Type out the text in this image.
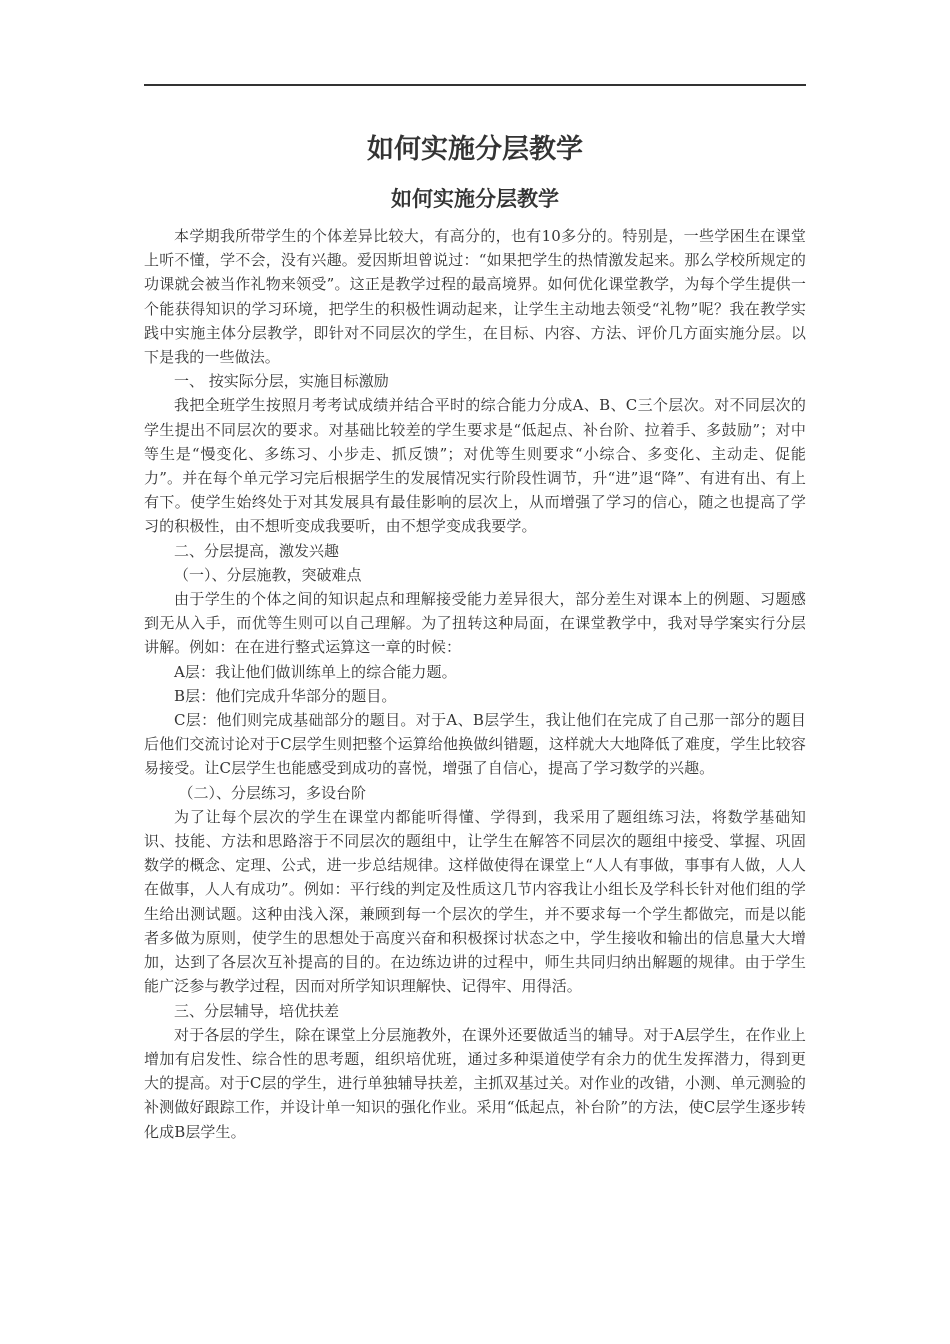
如何实施分层教学
如何实施分层教学

本学期我所带学生的个体差异比较大，有高分的，也有10多分的。特别是，一些学困生在课堂上听不懂，学不会，没有兴趣。爱因斯坦曾说过：“如果把学生的热情激发起来。那么学校所规定的功课就会被当作礼物来领受”。这正是教学过程的最高境界。如何优化课堂教学，为每个学生提供一个能获得知识的学习环境，把学生的积极性调动起来，让学生主动地去领受“礼物”呢？我在教学实践中实施主体分层教学，即针对不同层次的学生，在目标、内容、方法、评价几方面实施分层。以下是我的一些做法。

一、 按实际分层，实施目标激励

我把全班学生按照月考考试成绩并结合平时的综合能力分成A、B、C三个层次。对不同层次的学生提出不同层次的要求。对基础比较差的学生要求是“低起点、补台阶、拉着手、多鼓励”；对中等生是“慢变化、多练习、小步走、抓反馈”；对优等生则要求“小综合、多变化、主动走、促能力”。并在每个单元学习完后根据学生的发展情况实行阶段性调节，升“进”退“降”、有进有出、有上有下。使学生始终处于对其发展具有最佳影响的层次上，从而增强了学习的信心，随之也提高了学习的积极性，由不想听变成我要听，由不想学变成我要学。

二、分层提高，激发兴趣

（一）、分层施教，突破难点

由于学生的个体之间的知识起点和理解接受能力差异很大，部分差生对课本上的例题、习题感到无从入手，而优等生则可以自己理解。为了扭转这种局面，在课堂教学中，我对导学案实行分层讲解。例如：在在进行整式运算这一章的时候：

A层：我让他们做训练单上的综合能力题。

B层：他们完成升华部分的题目。

C层：他们则完成基础部分的题目。对于A、B层学生，我让他们在完成了自己那一部分的题目后他们交流讨论对于C层学生则把整个运算给他换做纠错题，这样就大大地降低了难度，学生比较容易接受。让C层学生也能感受到成功的喜悦，增强了自信心，提高了学习数学的兴趣。

（二）、分层练习，多设台阶

为了让每个层次的学生在课堂内都能听得懂、学得到，我采用了题组练习法，将数学基础知识、技能、方法和思路溶于不同层次的题组中，让学生在解答不同层次的题组中接受、掌握、巩固数学的概念、定理、公式，进一步总结规律。这样做使得在课堂上“人人有事做，事事有人做，人人在做事，人人有成功”。例如：平行线的判定及性质这几节内容我让小组长及学科长针对他们组的学生给出测试题。这种由浅入深，兼顾到每一个层次的学生，并不要求每一个学生都做完，而是以能者多做为原则，使学生的思想处于高度兴奋和积极探讨状态之中，学生接收和输出的信息量大大增加，达到了各层次互补提高的目的。在边练边讲的过程中，师生共同归纳出解题的规律。由于学生能广泛参与教学过程，因而对所学知识理解快、记得牢、用得活。

三、分层辅导，培优扶差

对于各层的学生，除在课堂上分层施教外，在课外还要做适当的辅导。对于A层学生，在作业上增加有启发性、综合性的思考题，组织培优班，通过多种渠道使学有余力的优生发挥潜力，得到更大的提高。对于C层的学生，进行单独辅导扶差，主抓双基过关。对作业的改错，小测、单元测验的补测做好跟踪工作，并设计单一知识的强化作业。采用“低起点，补台阶”的方法，使C层学生逐步转化成B层学生。
